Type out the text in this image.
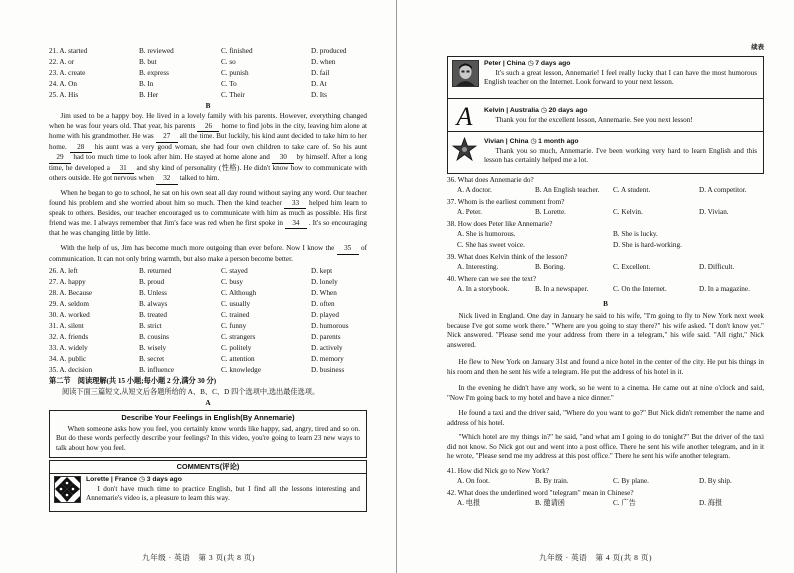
21. A. started	B. reviewed	C. finished	D. produced
22. A. or	B. but	C. so	D. when
23. A. create	B. express	C. punish	D. fail
24. A. On	B. In	C. To	D. At
25. A. His	B. Her	C. Their	D. Its
B
Jim used to be a happy boy. He lived in a lovely family with his parents. However, everything changed when he was four years old. That year, his parents 26 home to find jobs in the city, leaving him alone at home with his grandmother. He was 27 all the time. But luckily, his kind aunt decided to take him to her home. 28 his aunt was a very good woman, she had four own children to take care of. So his aunt 29 had too much time to look after him. He stayed at home alone and 30 by himself. After a long time, he developed a 31 and shy kind of personality (性格). He didn't know how to communicate with others outside. He got nervous when 32 talked to him.
When he began to go to school, he sat on his own seat all day round without saying any word. Our teacher found his problem and she worried about him so much. Then the kind teacher 33 helped him learn to speak to others. Besides, our teacher encouraged us to communicate with him as much as possible. His first friend was me. I always remember that Jim's face was red when he first spoke in 34 . It's so encouraging that he was changing little by little.
With the help of us, Jim has become much more outgoing than ever before. Now I know the 35 of communication. It can not only bring warmth, but also make a person become better.
26. A. left	B. returned	C. stayed	D. kept
27. A. happy	B. proud	C. busy	D. lonely
28. A. Because	B. Unless	C. Although	D. When
29. A. seldom	B. always	C. usually	D. often
30. A. worked	B. treated	C. trained	D. played
31. A. silent	B. strict	C. funny	D. humorous
32. A. friends	B. cousins	C. strangers	D. parents
33. A. widely	B. wisely	C. politely	D. actively
34. A. public	B. secret	C. attention	D. memory
35. A. decision	B. influence	C. knowledge	D. business
第二节　阅读理解(共 15 小题;每小题 2 分,满分 30 分)
阅读下面三篇短文,从短文后各题所给的 A、B、C、D 四个选项中,选出最佳选项。
A
Describe Your Feelings in English(By Annemarie)
When someone asks how you feel, you certainly know words like happy, sad, angry, tired and so on. But do these words perfectly describe your feelings? In this video, you're going to learn 23 new ways to talk about how you feel.
COMMENTS(评论)
Lorette | France ◷ 3 days ago
I don't have much time to practice English, but I find all the lessons interesting and Annemarie's video is, a pleasure to learn this way.
九年级 · 英语　第 3 页(共 8 页)
续表
Peter | China ◷ 7 days ago
It's such a great lesson, Annemarie! I feel really lucky that I can have the most humorous English teacher on the Internet. Look forward to your next lesson.
A Kelvin | Australia ◷ 20 days ago
Thank you for the excellent lesson, Annemarie. See you next lesson!
Vivian | China ◷ 1 month ago
Thank you so much, Annemarie. I've been working very hard to learn English and this lesson has certainly helped me a lot.
36. What does Annemarie do?
A. A doctor.	B. An English teacher. C. A student.	D. A competitor.
37. Whom is the earliest comment from?
A. Peter.	B. Lorette.	C. Kelvin.	D. Vivian.
38. How does Peter like Annemarie?
A. She is humorous.	B. She is lucky.
C. She has sweet voice.	D. She is hard-working.
39. What does Kelvin think of the lesson?
A. Interesting.	B. Boring.	C. Excellent.	D. Difficult.
40. Where can we see the text?
A. In a storybook.	B. In a newspaper.	C. On the Internet.	D. In a magazine.
B
Nick lived in England. One day in January he said to his wife, "I'm going to fly to New York next week because I've got some work there." "Where are you going to stay there?" his wife asked. "I don't know yet." Nick answered. "Please send me your address from there in a telegram," his wife said. "All right," Nick answered.
He flew to New York on January 31st and found a nice hotel in the center of the city. He put his things in his room and then he sent his wife a telegram. He put the address of his hotel in it.
In the evening he didn't have any work, so he went to a cinema. He came out at nine o'clock and said, "Now I'm going back to my hotel and have a nice dinner."
He found a taxi and the driver said, "Where do you want to go?" But Nick didn't remember the name and address of his hotel.
"Which hotel are my things in?" he said, "and what am I going to do tonight?" But the driver of the taxi did not know. So Nick got out and went into a post office. There he sent his wife another telegram, and in it he wrote, "Please send me my address at this post office." There he sent his wife another telegram.
41. How did Nick go to New York?
A. On foot.	B. By train.	C. By plane.	D. By ship.
42. What does the underlined word "telegram" mean in Chinese?
A. 电报	B. 邀请函	C. 广告	D. 海报
九年级 · 英语　第 4 页(共 8 页)
